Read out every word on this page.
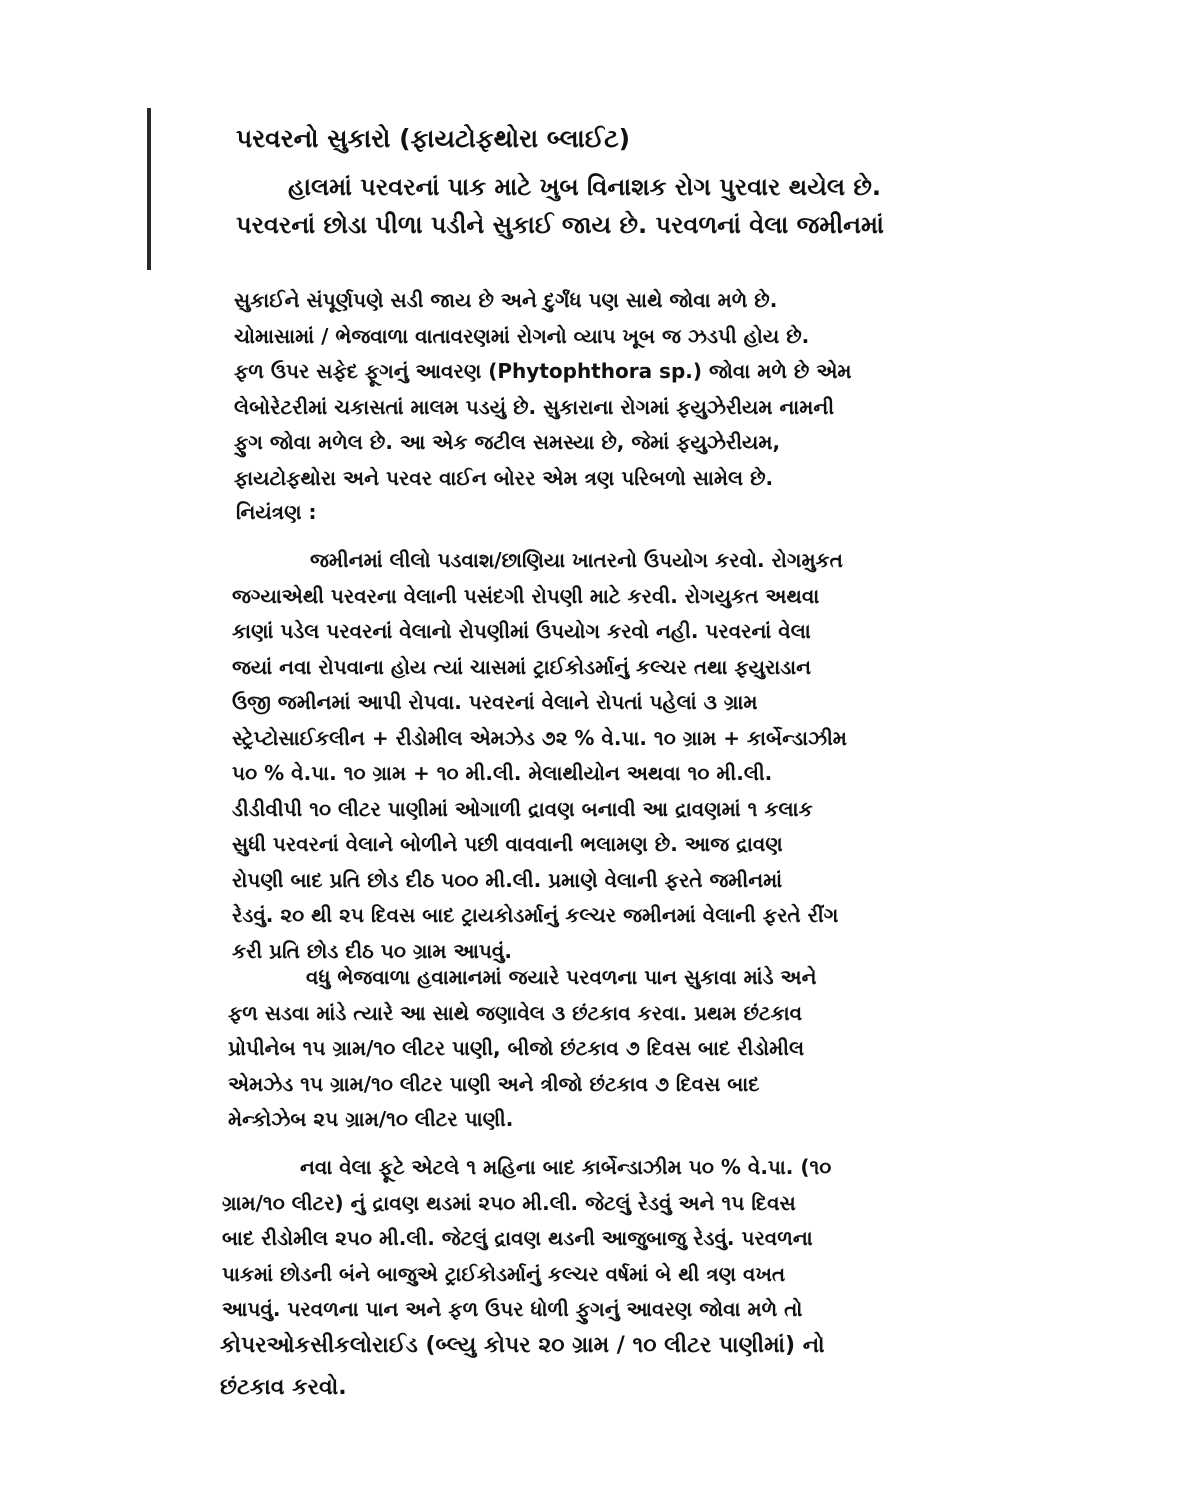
પરવરનો સુકારો (ફાયટોફથોરા બ્લાઈટ)
હાલમાં પરવરનાં પાક માટે ખુબ વિનાશક રોગ પુરવાર થયેલ છે.
પરવરનાં છોડા પીળા પડીને સુકાઈ જાય છે. પરવળનાં વેલા જમીનમાં
સુકાઈને સંપૂર્ણપણે સડી જાય છે અને દુર્ગંધ પણ સાથે જોવા મળે છે.
ચોમાસામાં / ભેજવાળા વાતાવરણમાં રોગનો વ્યાપ ખૂબ જ ઝડપી હોય છે.
ફળ ઉપર સફેદ ફૂગનું આવરણ (Phytophthora sp.) જોવા મળે છે એમ
લેબોરેટરીમાં ચકાસતાં માલમ પડયું છે. સુકારાના રોગમાં ફયુઝેરીયમ નામની
ફુગ જોવા મળેલ છે. આ એક જટીલ સમસ્યા છે, જેમાં ફયુઝેરીયમ,
ફાયટોફથોરા અને પરવર વાઈન બોરર એમ ત્રણ પરિબળો સામેલ છે.
નિયંત્રણ :
જમીનમાં લીલો પડવાશ/છાણિયા ખાતરનો ઉપયોગ કરવો. રોગમુકત
જગ્યાએથી પરવરના વેલાની પસંદગી રોપણી માટે કરવી. રોગયુકત અથવા
કાણાં પડેલ પરવરનાં વેલાનો રોપણીમાં ઉપયોગ કરવો નહી. પરવરનાં વેલા
જયાં નવા રોપવાના હોય ત્યાં ચાસમાં ટ્રાઈકોડર્માનું કલ્ચર તથા ફયુરાડાન
ઉજી જમીનમાં આપી રોપવા. પરવરનાં વેલાને રોપતાં પહેલાં ૩ ગ્રામ
સ્ટ્રેપ્ટોસાઈકલીન + રીડોમીલ એમઝેડ ૭૨ % વે.પા. ૧૦ ગ્રામ + કાર્બેન્ડાઝીમ
૫૦ % વે.પા. ૧૦ ગ્રામ + ૧૦ મી.લી. મેલાથીયોન અથવા ૧૦ મી.લી.
ડીડીવીપી ૧૦ લીટર પાણીમાં ઓગાળી દ્રાવણ બનાવી આ દ્રાવણમાં ૧ કલાક
સુધી પરવરનાં વેલાને બોળીને પછી વાવવાની ભલામણ છે. આજ દ્રાવણ
રોપણી બાદ પ્રતિ છોડ દીઠ ૫૦૦ મી.લી. પ્રમાણે વેલાની ફરતે જમીનમાં
રેડવું. ૨૦ થી ૨૫ દિવસ બાદ ટ્રાયકોડર્માનું કલ્ચર જમીનમાં વેલાની ફરતે રીંગ
કરી પ્રતિ છોડ દીઠ ૫૦ ગ્રામ આપવું.
વધુ ભેજવાળા હવામાનમાં જયારે પરવળના પાન સુકાવા માંડે અને
ફળ સડવા માંડે ત્યારે આ સાથે જણાવેલ ૩ છંટકાવ કરવા. પ્રથમ છંટકાવ
પ્રોપીનેબ ૧૫ ગ્રામ/૧૦ લીટર પાણી, બીજો છંટકાવ ૭ દિવસ બાદ રીડોમીલ
એમઝેડ ૧૫ ગ્રામ/૧૦ લીટર પાણી અને ત્રીજો છંટકાવ ૭ દિવસ બાદ
મેન્કોઝેબ ૨૫ ગ્રામ/૧૦ લીટર પાણી.
નવા વેલા ફૂટે એટલે ૧ મહિના બાદ કાર્બેન્ડાઝીમ ૫૦ % વે.પા. (૧૦
ગ્રામ/૧૦ લીટર) નું દ્રાવણ થડમાં ૨૫૦ મી.લી. જેટલું રેડવું અને ૧૫ દિવસ
બાદ રીડોમીલ ૨૫૦ મી.લી. જેટલું દ્રાવણ થડની આજુબાજુ રેડવું. પરવળના
પાકમાં છોડની બંને બાજુએ ટ્રાઈકોડર્માનું કલ્ચર વર્ષમાં બે થી ત્રણ વખત
આપવું. પરવળના પાન અને ફળ ઉપર ધોળી ફુગનું આવરણ જોવા મળે તો
કોપરઓકસીકલોરાઈડ (બ્લ્યુ કોપર ૨૦ ગ્રામ / ૧૦ લીટર પાણીમાં) નો
છંટકાવ કરવો.
